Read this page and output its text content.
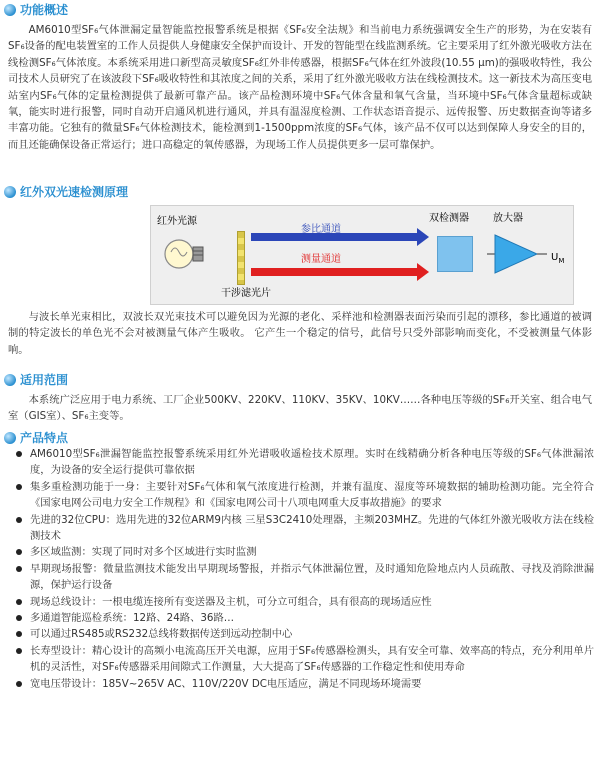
功能概述

AM6010型SF₆气体泄漏定量智能监控报警系统是根据《SF₆安全法规》和当前电力系统强调安全生产的形势，为在安装有SF₆设备的配电装置室的工作人员提供人身健康安全保护而设计、开发的智能型在线监测系统。它主要采用了红外激光吸收方法在线检测SF₆气体浓度。本系统采用进口新型高灵敏度SF₆红外非传感器，根据SF₆气体在红外波段(10.55 μm)的强吸收特性，我公司技术人员研究了在该波段下SF₆吸收特性和其浓度之间的关系，采用了红外激光吸收方法在线检测技术。这一新技术为高压变电站室内SF₆气体的定量检测提供了最新可靠产品。该产品检测环境中SF₆气体含量和氧气含量，当环境中SF₆气体含量超标或缺氧，能实时进行报警，同时自动开启通风机进行通风，并具有温湿度检测、工作状态语音提示、远传报警、历史数据查询等诸多丰富功能。它独有的微量SF₆气体检测技术，能检测到1-1500ppm浓度的SF₆气体，该产品不仅可以达到保障人身安全的目的，而且还能确保设备正常运行；进口高稳定的氧传感器，为现场工作人员提供更多一层可靠保护。

红外双光速检测原理
红外光源
参比通道
测量通道
干涉滤光片
双检测器 放大器
$U_M$

与波长单光束相比，双波长双光束技术可以避免因为光源的老化、采样池和检测器表面污染而引起的漂移，参比通道的被调制的特定波长的单色光不会对被测量气体产生吸收。 它产生一个稳定的信号，此信号只受外部影响而变化，不受被测量气体影响。

适用范围

本系统广泛应用于电力系统、工厂企业500KV、220KV、110KV、35KV、10KV……各种电压等级的SF₆开关室、组合电气室（GIS室）、SF₆主变等。

产品特点
AM6010型SF₆泄漏智能监控报警系统采用红外光谱吸收遥检技术原理。实时在线精确分析各种电压等级的SF₆气体泄漏浓度，为设备的安全运行提供可靠依据
集多重检测功能于一身：主要针对SF₆气体和氧气浓度进行检测，并兼有温度、湿度等环境数据的辅助检测功能。完全符合《国家电网公司电力安全工作规程》和《国家电网公司十八项电网重大反事故措施》的要求
先进的32位CPU：选用先进的32位ARM9内核 三星S3C2410处理器，主频203MHZ。先进的气体红外激光吸收方法在线检测技术
多区域监测：实现了同时对多个区域进行实时监测
早期现场报警：微量监测技术能发出早期现场警报，并指示气体泄漏位置，及时通知危险地点内人员疏散、寻找及消除泄漏源，保护运行设备
现场总线设计：一根电缆连接所有变送器及主机，可分立可组合，具有很高的现场适应性
多通道智能巡检系统：12路、24路、36路…
可以通过RS485或RS232总线将数据传送到远动控制中心
长寿型设计：精心设计的高频小电流高压开关电源，应用于SF₆传感器检测头，具有安全可靠、效率高的特点，充分利用单片机的灵活性，对SF₆传感器采用间隙式工作测量，大大提高了SF₆传感器的工作稳定性和使用寿命
宽电压带设计：185V~265V AC、110V/220V DC电压适应，满足不同现场环境需要
